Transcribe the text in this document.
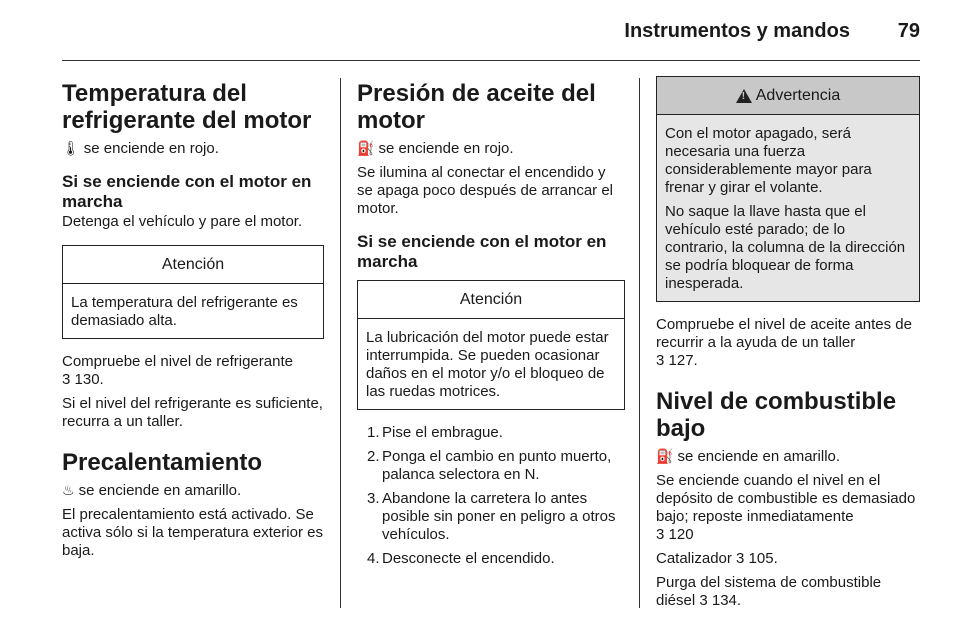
Instrumentos y mandos 79
Temperatura del refrigerante del motor
🌡 se enciende en rojo.
Si se enciende con el motor en marcha
Detenga el vehículo y pare el motor.
Atención
La temperatura del refrigerante es demasiado alta.
Compruebe el nivel de refrigerante
3 130.
Si el nivel del refrigerante es suficiente, recurra a un taller.
Precalentamiento
♨ se enciende en amarillo.
El precalentamiento está activado. Se activa sólo si la temperatura exterior es baja.
Presión de aceite del motor
⛽ se enciende en rojo.
Se ilumina al conectar el encendido y se apaga poco después de arrancar el motor.
Si se enciende con el motor en marcha
Atención
La lubricación del motor puede estar interrumpida. Se pueden ocasionar daños en el motor y/o el bloqueo de las ruedas motrices.
1. Pise el embrague.
2. Ponga el cambio en punto muerto, palanca selectora en N.
3. Abandone la carretera lo antes posible sin poner en peligro a otros vehículos.
4. Desconecte el encendido.
!
Advertencia

Con el motor apagado, será necesaria una fuerza considerablemente mayor para frenar y girar el volante.

No saque la llave hasta que el vehículo esté parado; de lo contrario, la columna de la dirección se podría bloquear de forma inesperada.

Compruebe el nivel de aceite antes de recurrir a la ayuda de un taller
3 127.
Nivel de combustible bajo
⛽ se enciende en amarillo.
Se enciende cuando el nivel en el depósito de combustible es demasiado bajo; reposte inmediatamente
3 120
Catalizador 3 105.
Purga del sistema de combustible diésel 3 134.
